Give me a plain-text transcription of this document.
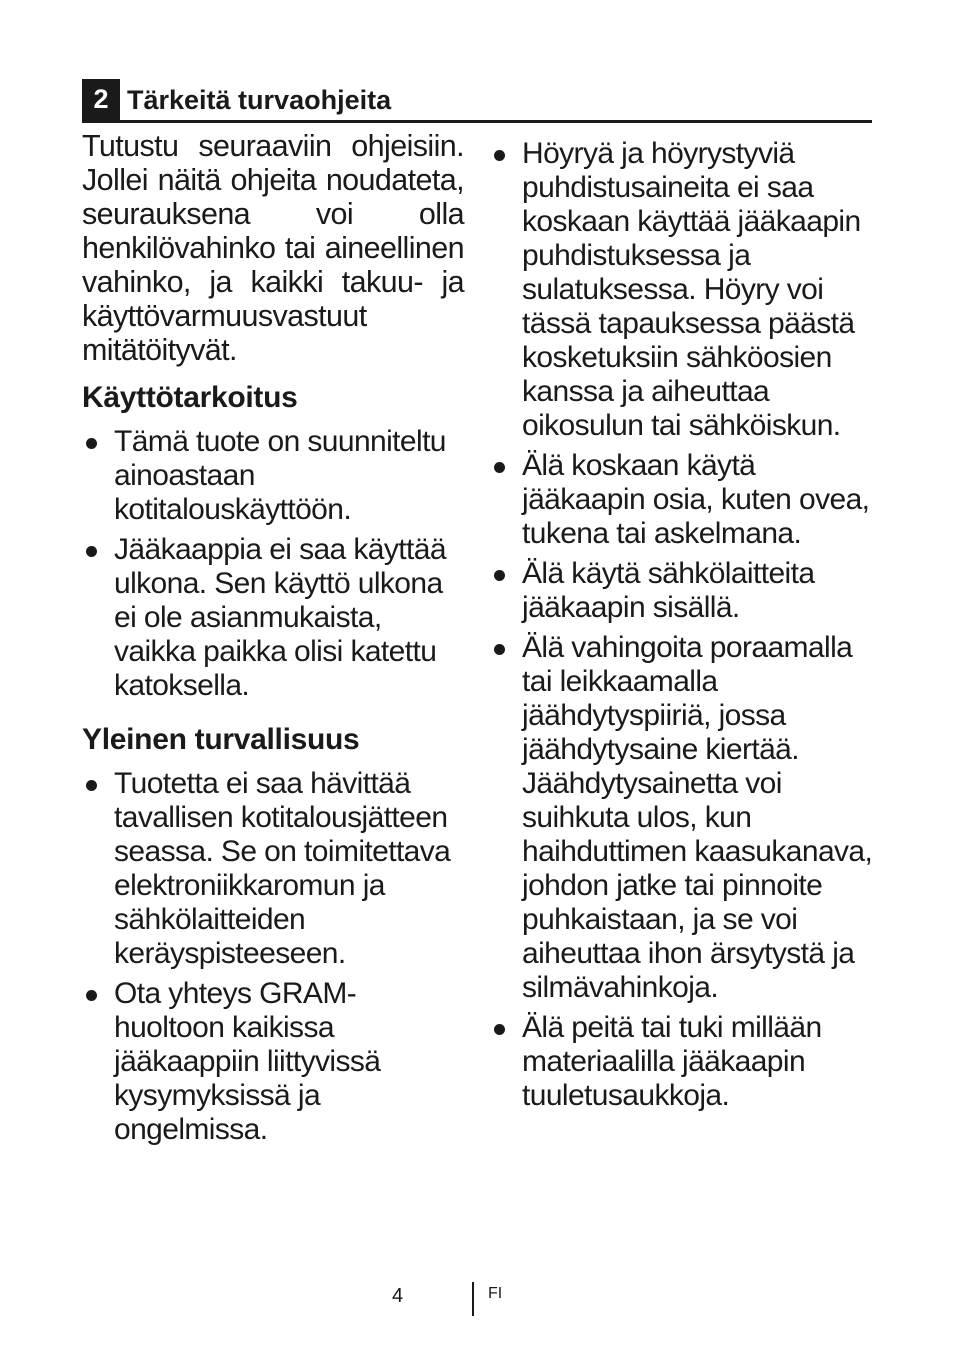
2 Tärkeitä turvaohjeita

Tutustu seuraaviin ohjeisiin. Jollei näitä ohjeita noudateta, seurauksena voi olla henkilövahinko tai aineellinen vahinko, ja kaikki takuu- ja käyttövarmuusvastuut mitätöityvät.

Käyttötarkoitus
Tämä tuote on suunniteltu ainoastaan kotitalouskäyttöön.
Jääkaappia ei saa käyttää ulkona. Sen käyttö ulkona ei ole asianmukaista, vaikka paikka olisi katettu katoksella.
Yleinen turvallisuus
Tuotetta ei saa hävittää tavallisen kotitalousjätteen seassa. Se on toimitettava elektroniikkaromun ja sähkölaitteiden keräyspisteeseen.
Ota yhteys GRAM-huoltoon kaikissa jääkaappiin liittyvissä kysymyksissä ja ongelmissa.
Höyryä ja höyrystyviä puhdistusaineita ei saa koskaan käyttää jääkaapin puhdistuksessa ja sulatuksessa. Höyry voi tässä tapauksessa päästä kosketuksiin sähköosien kanssa ja aiheuttaa oikosulun tai sähköiskun.
Älä koskaan käytä jääkaapin osia, kuten ovea, tukena tai askelmana.
Älä käytä sähkölaitteita jääkaapin sisällä.
Älä vahingoita poraamalla tai leikkaamalla jäähdytyspiiriä, jossa jäähdytysaine kiertää. Jäähdytysainetta voi suihkuta ulos, kun haihduttimen kaasukanava, johdon jatke tai pinnoite puhkaistaan, ja se voi aiheuttaa ihon ärsytystä ja silmävahinkoja.
Älä peitä tai tuki millään materiaalilla jääkaapin tuuletusaukkoja.
4	FI
